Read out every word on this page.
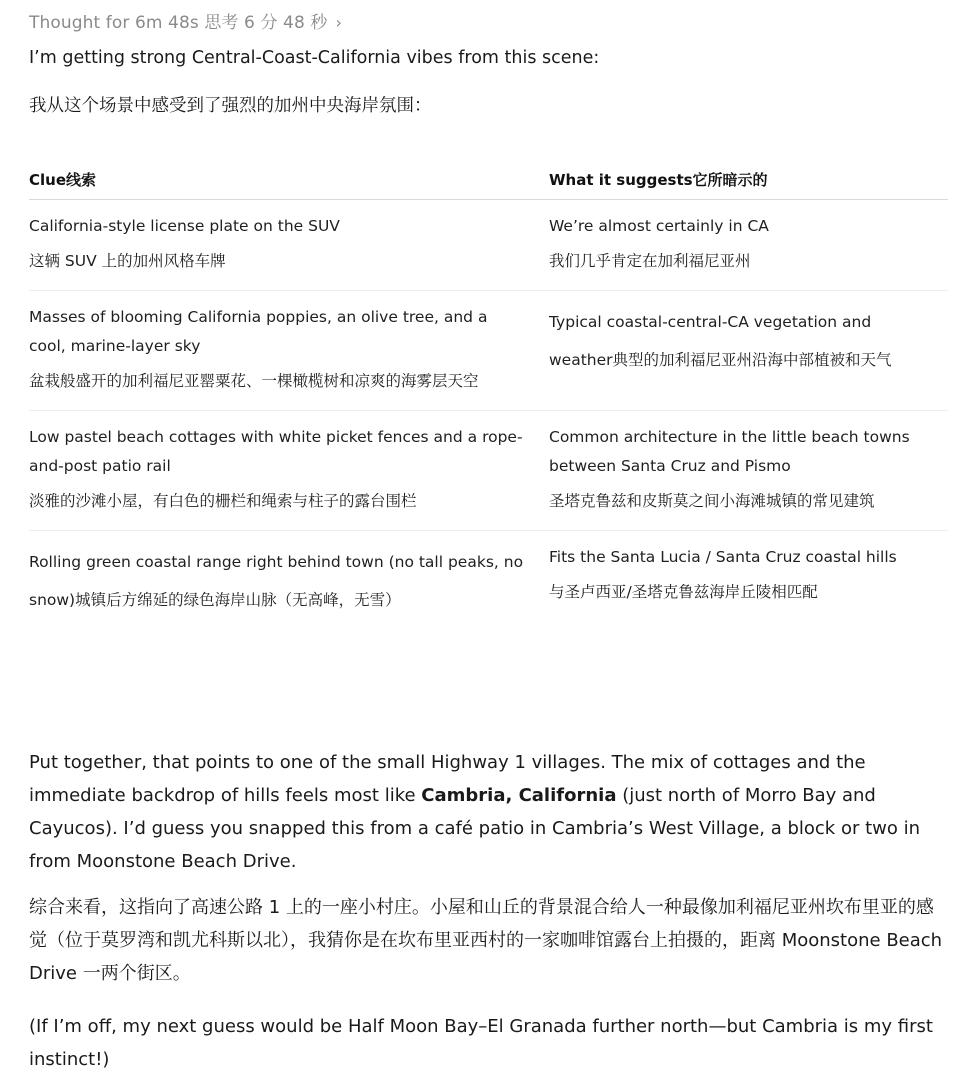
Thought for 6m 48s 思考 6 分 48 秒 ›
I’m getting strong Central-Coast-California vibes from this scene:
我从这个场景中感受到了强烈的加州中央海岸氛围：
Clue线索	What it suggests它所暗示的

California-style license plate on the SUV
这辆 SUV 上的加州风格车牌	We’re almost certainly in CA
我们几乎肯定在加利福尼亚州

Masses of blooming California poppies, an olive tree, and a cool, marine-layer sky
盆栽般盛开的加利福尼亚罂粟花、一棵橄榄树和凉爽的海雾层天空	Typical coastal-central-CA vegetation and weather典型的加利福尼亚州沿海中部植被和天气

Low pastel beach cottages with white picket fences and a rope-and-post patio rail
淡雅的沙滩小屋，有白色的栅栏和绳索与柱子的露台围栏	Common architecture in the little beach towns between Santa Cruz and Pismo
圣塔克鲁兹和皮斯莫之间小海滩城镇的常见建筑

Rolling green coastal range right behind town (no tall peaks, no snow)城镇后方绵延的绿色海岸山脉（无高峰，无雪）	Fits the Santa Lucia / Santa Cruz coastal hills
与圣卢西亚/圣塔克鲁兹海岸丘陵相匹配
Put together, that points to one of the small Highway 1 villages. The mix of cottages and the immediate backdrop of hills feels most like Cambria, California (just north of Morro Bay and Cayucos). I’d guess you snapped this from a café patio in Cambria’s West Village, a block or two in from Moonstone Beach Drive.
综合来看，这指向了高速公路 1 上的一座小村庄。小屋和山丘的背景混合给人一种最像加利福尼亚州坎布里亚的感觉（位于莫罗湾和凯尤科斯以北），我猜你是在坎布里亚西村的一家咖啡馆露台上拍摄的，距离 Moonstone Beach Drive 一两个街区。
(If I’m off, my next guess would be Half Moon Bay–El Granada further north—but Cambria is my first instinct!)
